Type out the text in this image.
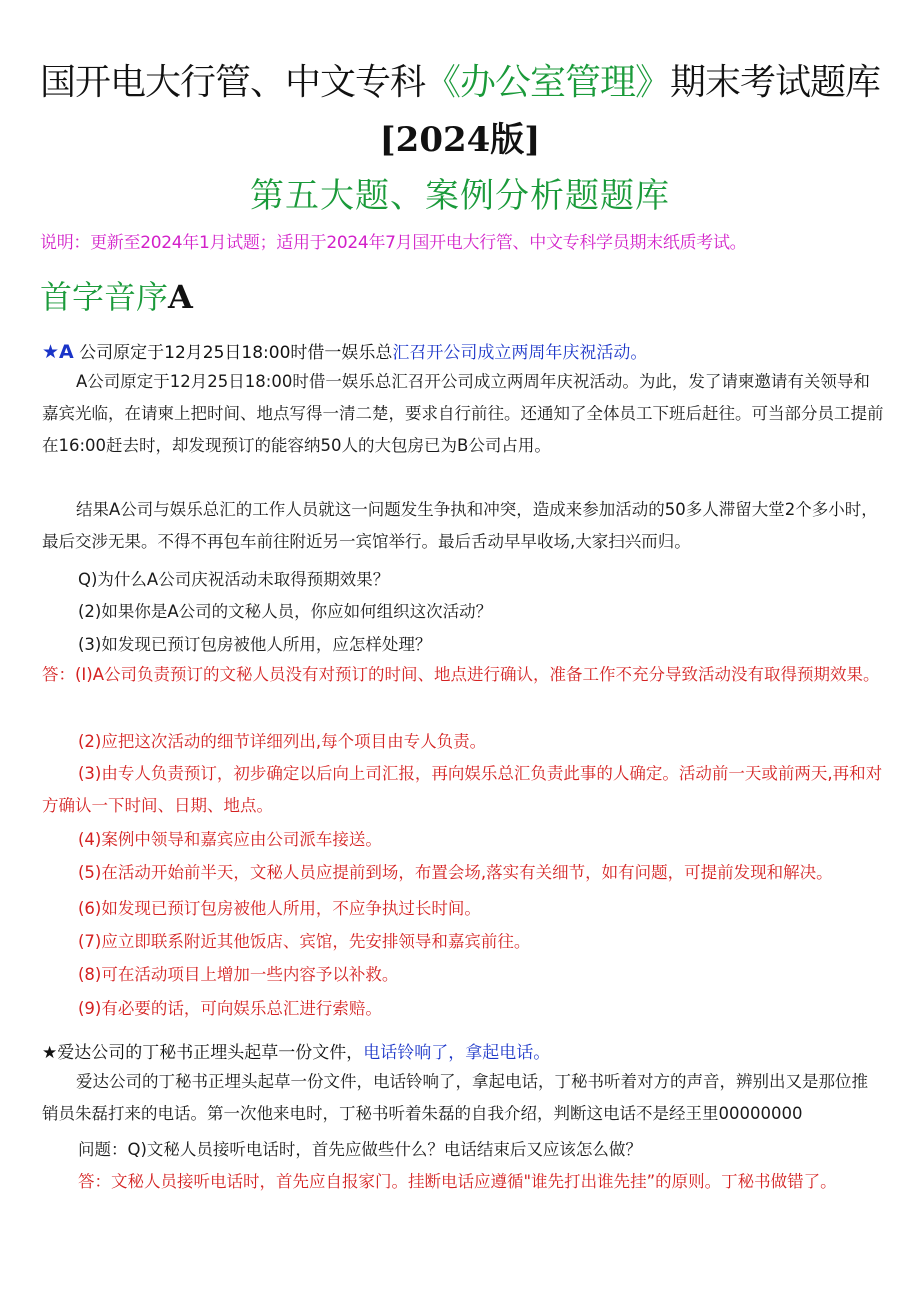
国开电大行管、中文专科《办公室管理》期末考试题库
[2024版]
第五大题、案例分析题题库
说明：更新至2024年1月试题；适用于2024年7月国开电大行管、中文专科学员期末纸质考试。
首字音序A
★A 公司原定于12月25日18:00时借一娱乐总汇召开公司成立两周年庆祝活动。
A公司原定于12月25日18:00时借一娱乐总汇召开公司成立两周年庆祝活动。为此，发了请柬邀请有关领导和嘉宾光临，在请柬上把时间、地点写得一清二楚，要求自行前往。还通知了全体员工下班后赶往。可当部分员工提前在16:00赶去时，却发现预订的能容纳50人的大包房已为B公司占用。
结果A公司与娱乐总汇的工作人员就这一问题发生争执和冲突，造成来参加活动的50多人滞留大堂2个多小时，最后交涉无果。不得不再包车前往附近另一宾馆举行。最后舌动早早收场,大家扫兴而归。
Q)为什么A公司庆祝活动未取得预期效果？
(2)如果你是A公司的文秘人员，你应如何组织这次活动？
(3)如发现已预订包房被他人所用，应怎样处理？
答：(I)A公司负责预订的文秘人员没有对预订的时间、地点进行确认，准备工作不充分导致活动没有取得预期效果。
(2)应把这次活动的细节详细列出,每个项目由专人负责。
(3)由专人负责预订，初步确定以后向上司汇报，再向娱乐总汇负责此事的人确定。活动前一天或前两天,再和对方确认一下时间、日期、地点。
(4)案例中领导和嘉宾应由公司派车接送。
(5)在活动开始前半天，文秘人员应提前到场，布置会场,落实有关细节，如有问题，可提前发现和解决。
(6)如发现已预订包房被他人所用，不应争执过长时间。
(7)应立即联系附近其他饭店、宾馆，先安排领导和嘉宾前往。
(8)可在活动项目上增加一些内容予以补救。
(9)有必要的话，可向娱乐总汇进行索赔。
★爱达公司的丁秘书正埋头起草一份文件，电话铃响了，拿起电话。
爱达公司的丁秘书正埋头起草一份文件，电话铃响了，拿起电话，丁秘书听着对方的声音，辨别出又是那位推销员朱磊打来的电话。第一次他来电时，丁秘书听着朱磊的自我介绍，判断这电话不是经王里00000000
问题：Q)文秘人员接听电话时，首先应做些什么？电话结束后又应该怎么做？
答：文秘人员接听电话时，首先应自报家门。挂断电话应遵循"谁先打出谁先挂”的原则。丁秘书做错了。
